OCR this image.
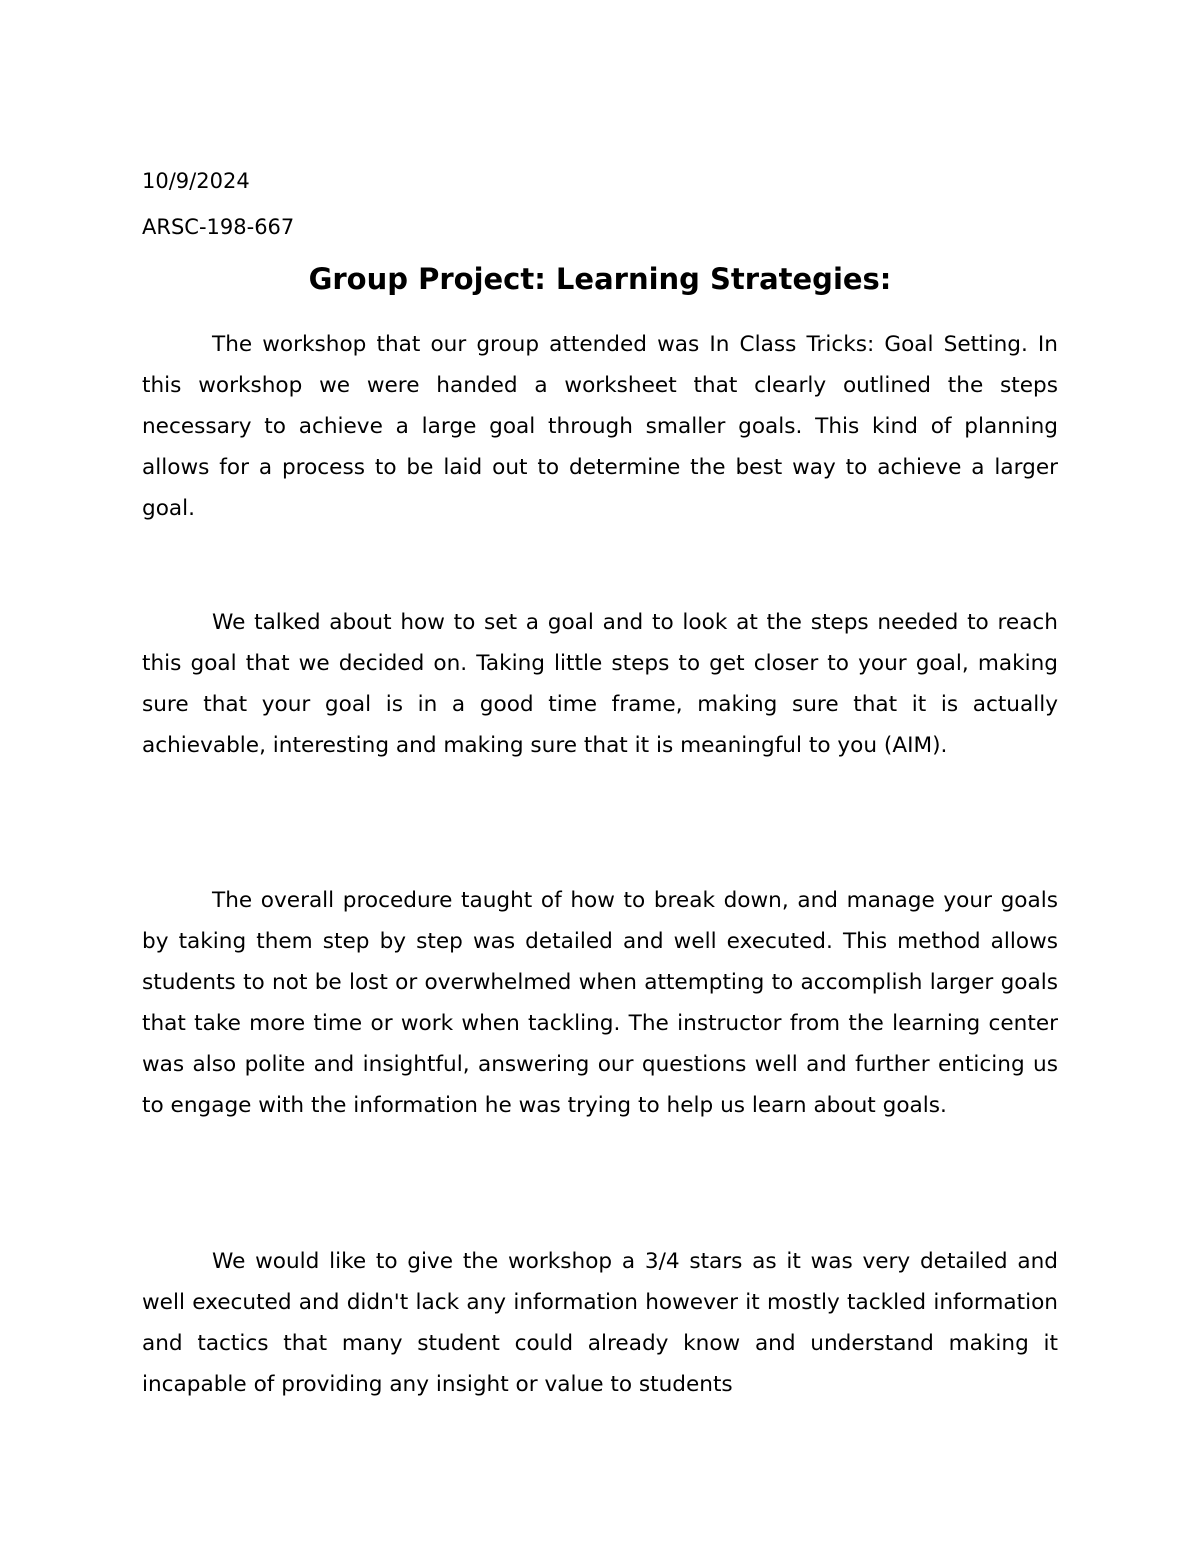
10/9/2024
ARSC-198-667
Group Project: Learning Strategies:

The workshop that our group attended was In Class Tricks: Goal Setting. In this workshop we were handed a worksheet that clearly outlined the steps necessary to achieve a large goal through smaller goals. This kind of planning allows for a process to be laid out to determine the best way to achieve a larger goal.

We talked about how to set a goal and to look at the steps needed to reach this goal that we decided on. Taking little steps to get closer to your goal, making sure that your goal is in a good time frame, making sure that it is actually achievable, interesting and making sure that it is meaningful to you (AIM).

The overall procedure taught of how to break down, and manage your goals by taking them step by step was detailed and well executed. This method allows students to not be lost or overwhelmed when attempting to accomplish larger goals that take more time or work when tackling. The instructor from the learning center was also polite and insightful, answering our questions well and further enticing us to engage with the information he was trying to help us learn about goals.

We would like to give the workshop a 3/4 stars as it was very detailed and well executed and didn't lack any information however it mostly tackled information and tactics that many student could already know and understand making it incapable of providing any insight or value to students
